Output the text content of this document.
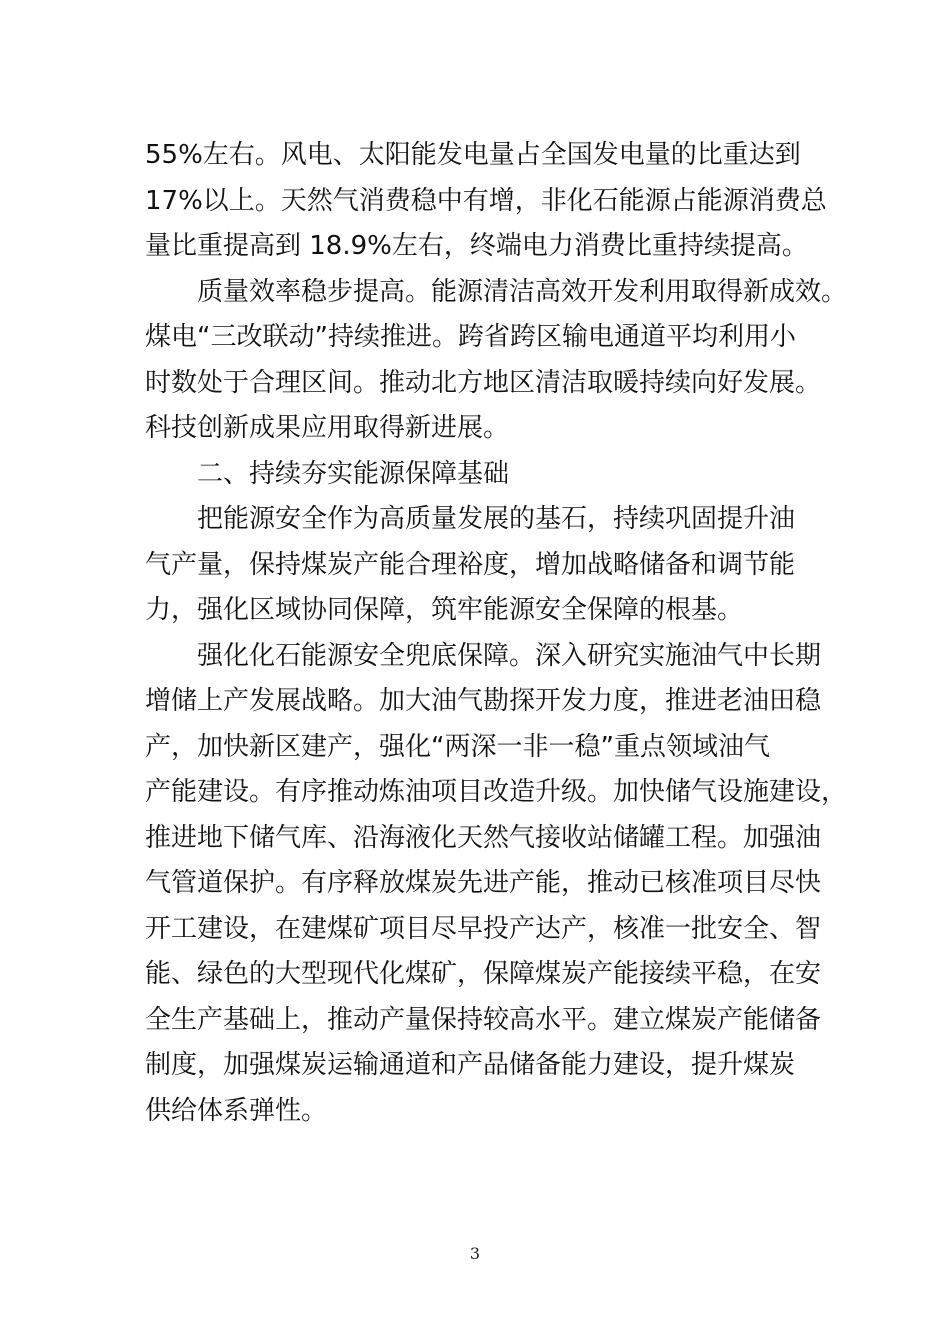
55%左右。风电、太阳能发电量占全国发电量的比重达到
17%以上。天然气消费稳中有增，非化石能源占能源消费总
量比重提高到 18.9%左右，终端电力消费比重持续提高。
质量效率稳步提高。能源清洁高效开发利用取得新成效。
煤电“三改联动”持续推进。跨省跨区输电通道平均利用小
时数处于合理区间。推动北方地区清洁取暖持续向好发展。
科技创新成果应用取得新进展。
二、持续夯实能源保障基础
把能源安全作为高质量发展的基石，持续巩固提升油
气产量，保持煤炭产能合理裕度，增加战略储备和调节能
力，强化区域协同保障，筑牢能源安全保障的根基。
强化化石能源安全兜底保障。深入研究实施油气中长期
增储上产发展战略。加大油气勘探开发力度，推进老油田稳
产，加快新区建产，强化“两深一非一稳”重点领域油气
产能建设。有序推动炼油项目改造升级。加快储气设施建设，
推进地下储气库、沿海液化天然气接收站储罐工程。加强油
气管道保护。有序释放煤炭先进产能，推动已核准项目尽快
开工建设，在建煤矿项目尽早投产达产，核准一批安全、智
能、绿色的大型现代化煤矿，保障煤炭产能接续平稳，在安
全生产基础上，推动产量保持较高水平。建立煤炭产能储备
制度，加强煤炭运输通道和产品储备能力建设，提升煤炭
供给体系弹性。
3
